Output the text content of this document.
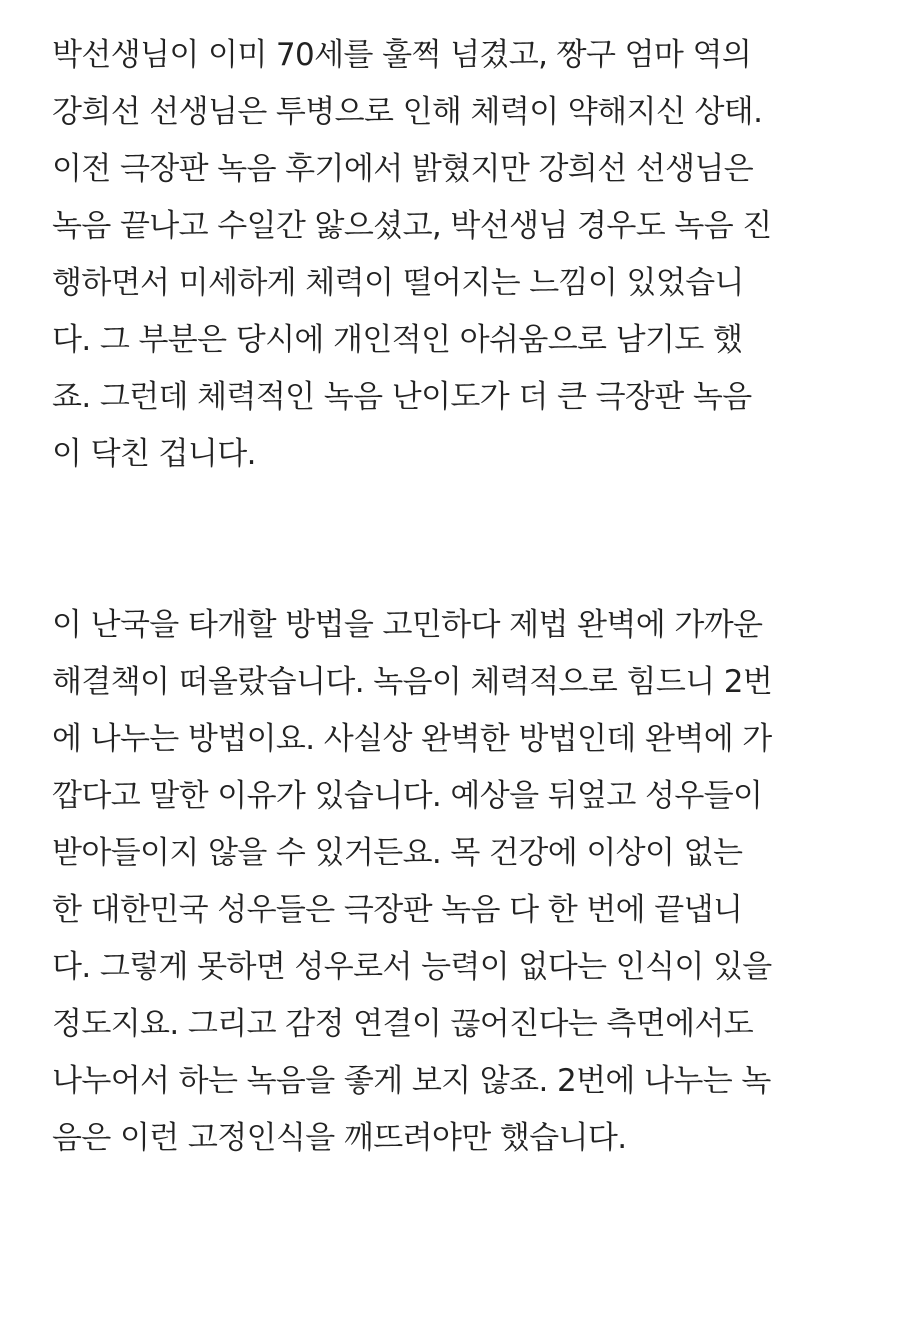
박선생님이 이미 70세를 훌쩍 넘겼고, 짱구 엄마 역의
강희선 선생님은 투병으로 인해 체력이 약해지신 상태.
이전 극장판 녹음 후기에서 밝혔지만 강희선 선생님은
녹음 끝나고 수일간 앓으셨고, 박선생님 경우도 녹음 진
행하면서 미세하게 체력이 떨어지는 느낌이 있었습니
다. 그 부분은 당시에 개인적인 아쉬움으로 남기도 했
죠. 그런데 체력적인 녹음 난이도가 더 큰 극장판 녹음
이 닥친 겁니다.

이 난국을 타개할 방법을 고민하다 제법 완벽에 가까운
해결책이 떠올랐습니다. 녹음이 체력적으로 힘드니 2번
에 나누는 방법이요. 사실상 완벽한 방법인데 완벽에 가
깝다고 말한 이유가 있습니다. 예상을 뒤엎고 성우들이
받아들이지 않을 수 있거든요. 목 건강에 이상이 없는
한 대한민국 성우들은 극장판 녹음 다 한 번에 끝냅니
다. 그렇게 못하면 성우로서 능력이 없다는 인식이 있을
정도지요. 그리고 감정 연결이 끊어진다는 측면에서도
나누어서 하는 녹음을 좋게 보지 않죠. 2번에 나누는 녹
음은 이런 고정인식을 깨뜨려야만 했습니다.
